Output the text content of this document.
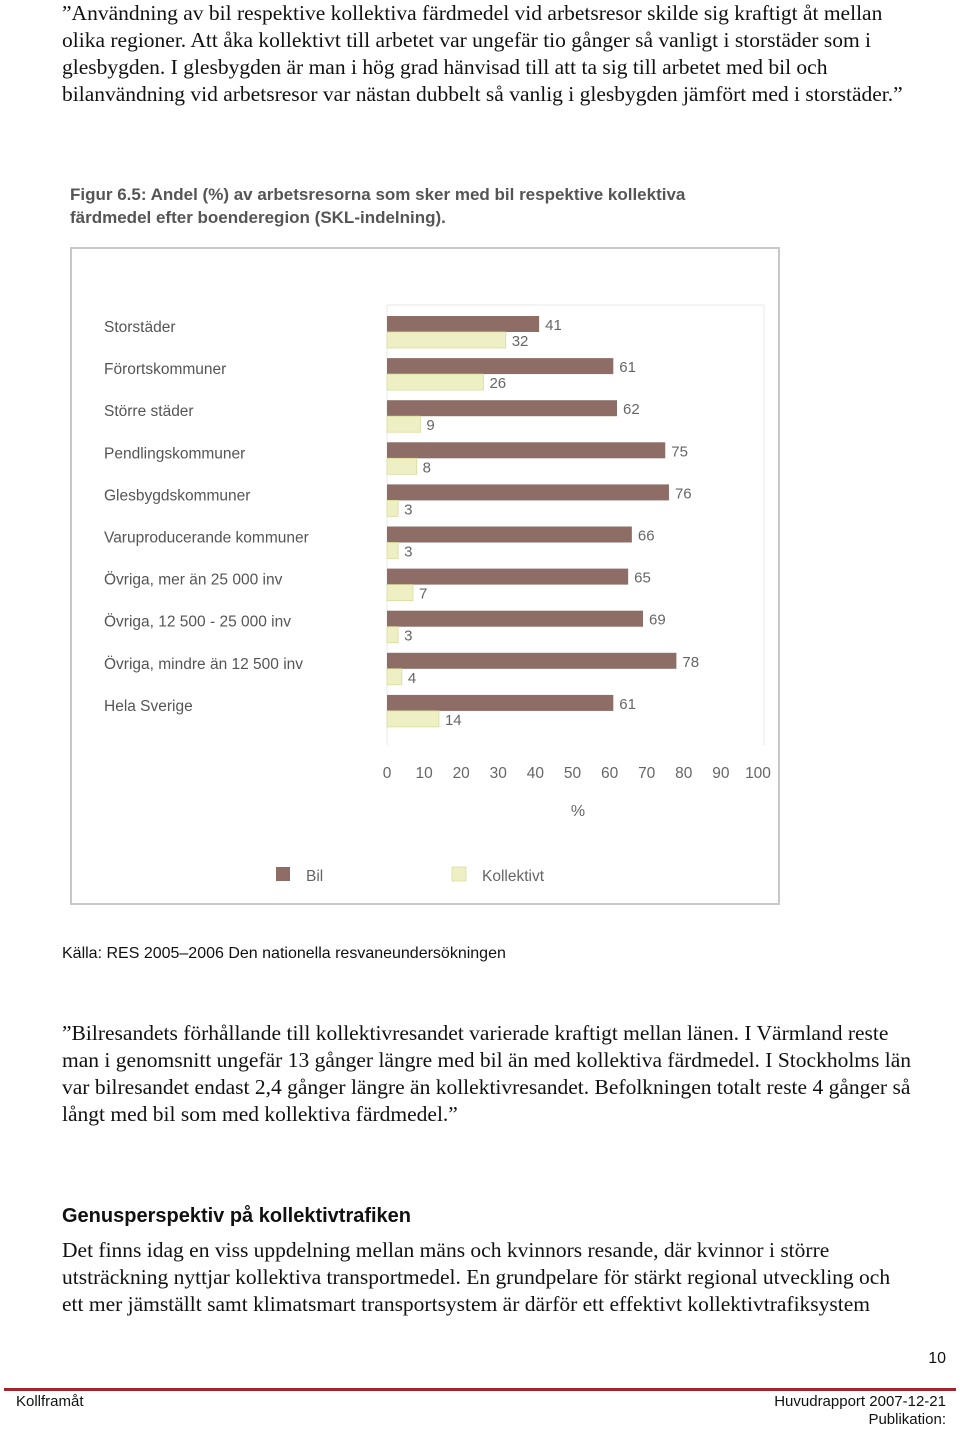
”Användning av bil respektive kollektiva färdmedel vid arbetsresor skilde sig kraftigt åt mellan olika regioner. Att åka kollektivt till arbetet var ungefär tio gånger så vanligt i storstäder som i glesbygden. I glesbygden är man i hög grad hänvisad till att ta sig till arbetet med bil och bilanvändning vid arbetsresor var nästan dubbelt så vanlig i glesbygden jämfört med i storstäder.”

Figur 6.5: Andel (%) av arbetsresorna som sker med bil respektive kollektiva färdmedel efter boenderegion (SKL-indelning).
Storstäder
Förortskommuner
Större städer
Pendlingskommuner
Glesbygdskommuner
Varuproducerande kommuner
Övriga, mer än 25 000 inv
Övriga, 12 500 - 25 000 inv
Övriga, mindre än 12 500 inv
Hela Sverige
41
32
61
26
62
9
75
8
76
3
66
3
65
7
69
3
78
4
61
14
0 10 20 30 40 50 60 70 80 90 100
%
Bil	Kollektivt
Källa: RES 2005–2006 Den nationella resvaneundersökningen

”Bilresandets förhållande till kollektivresandet varierade kraftigt mellan länen. I Värmland reste man i genomsnitt ungefär 13 gånger längre med bil än med kollektiva färdmedel. I Stockholms län var bilresandet endast 2,4 gånger längre än kollektivresandet. Befolkningen totalt reste 4 gånger så långt med bil som med kollektiva färdmedel.”

Genusperspektiv på kollektivtrafiken

Det finns idag en viss uppdelning mellan mäns och kvinnors resande, där kvinnor i större utsträckning nyttjar kollektiva transportmedel. En grundpelare för stärkt regional utveckling och ett mer jämställt samt klimatsmart transportsystem är därför ett effektivt kollektivtrafiksystem

10
Kollframåt	Huvudrapport 2007-12-21
Publikation:
